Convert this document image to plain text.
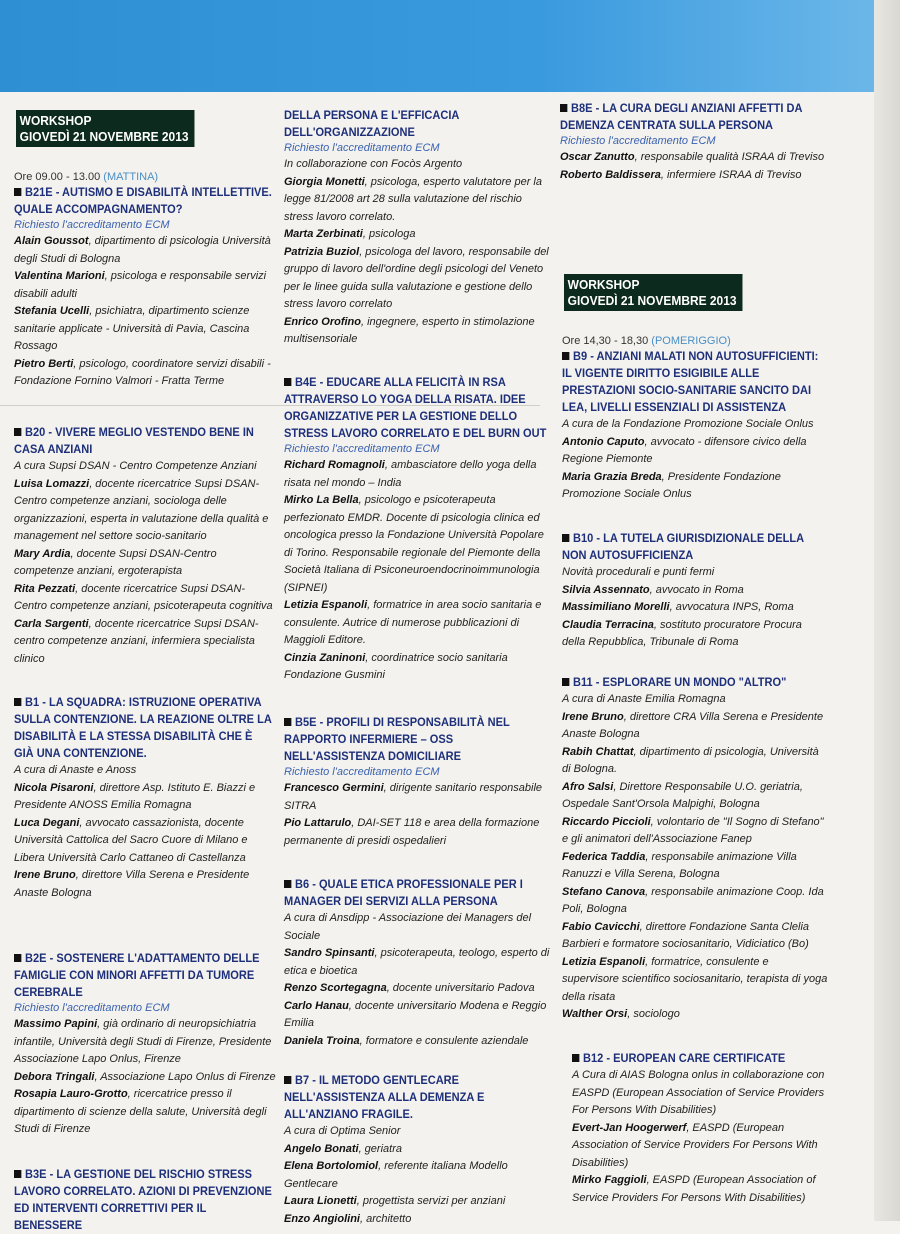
WORKSHOP
GIOVEDÌ 21 NOVEMBRE 2013
Ore 09.00 - 13.00 (MATTINA)
B21E - AUTISMO E DISABILITÀ INTELLETTIVE. QUALE ACCOMPAGNAMENTO?
Richiesto l'accreditamento ECM
Alain Goussot, dipartimento di psicologia Università degli Studi di Bologna
Valentina Marioni, psicologa e responsabile servizi disabili adulti
Stefania Ucelli, psichiatra, dipartimento scienze sanitarie applicate - Università di Pavia, Cascina Rossago
Pietro Berti, psicologo, coordinatore servizi disabili - Fondazione Fornino Valmori - Fratta Terme
B20 - VIVERE MEGLIO VESTENDO BENE IN CASA ANZIANI
A cura Supsi DSAN - Centro Competenze Anziani
Luisa Lomazzi, docente ricercatrice Supsi DSAN-Centro competenze anziani, sociologa delle organizzazioni, esperta in valutazione della qualità e management nel settore socio-sanitario
Mary Ardia, docente Supsi DSAN-Centro competenze anziani, ergoterapista
Rita Pezzati, docente ricercatrice Supsi DSAN-Centro competenze anziani, psicoterapeuta cognitiva
Carla Sargenti, docente ricercatrice Supsi DSAN-centro competenze anziani, infermiera specialista clinico
B1 - LA SQUADRA: ISTRUZIONE OPERATIVA SULLA CONTENZIONE. LA REAZIONE OLTRE LA DISABILITÀ E LA STESSA DISABILITÀ CHE È GIÀ UNA CONTENZIONE.
A cura di Anaste e Anoss
Nicola Pisaroni, direttore Asp. Istituto E. Biazzi e Presidente ANOSS Emilia Romagna
Luca Degani, avvocato cassazionista, docente Università Cattolica del Sacro Cuore di Milano e Libera Università Carlo Cattaneo di Castellanza
Irene Bruno, direttore Villa Serena e Presidente Anaste Bologna
B2E - SOSTENERE L'ADATTAMENTO DELLE FAMIGLIE CON MINORI AFFETTI DA TUMORE CEREBRALE
Richiesto l'accreditamento ECM
Massimo Papini, già ordinario di neuropsichiatria infantile, Università degli Studi di Firenze, Presidente Associazione Lapo Onlus, Firenze
Debora Tringali, Associazione Lapo Onlus di Firenze
Rosapia Lauro-Grotto, ricercatrice presso il dipartimento di scienze della salute, Università degli Studi di Firenze
B3E - LA GESTIONE DEL RISCHIO STRESS LAVORO CORRELATO. AZIONI DI PREVENZIONE ED INTERVENTI CORRETTIVI PER IL BENESSERE
DELLA PERSONA E L'EFFICACIA DELL'ORGANIZZAZIONE
Richiesto l'accreditamento ECM
In collaborazione con Focòs Argento
Giorgia Monetti, psicologa, esperto valutatore per la legge 81/2008 art 28 sulla valutazione del rischio stress lavoro correlato.
Marta Zerbinati, psicologa
Patrizia Buziol, psicologa del lavoro, responsabile del gruppo di lavoro dell'ordine degli psicologi del Veneto per le linee guida sulla valutazione e gestione dello stress lavoro correlato
Enrico Orofino, ingegnere, esperto in stimolazione multisensoriale
B4E - EDUCARE ALLA FELICITÀ IN RSA ATTRAVERSO LO YOGA DELLA RISATA. IDEE ORGANIZZATIVE PER LA GESTIONE DELLO STRESS LAVORO CORRELATO E DEL BURN OUT
Richiesto l'accreditamento ECM
Richard Romagnoli, ambasciatore dello yoga della risata nel mondo – India
Mirko La Bella, psicologo e psicoterapeuta perfezionato EMDR. Docente di psicologia clinica ed oncologica presso la Fondazione Università Popolare di Torino. Responsabile regionale del Piemonte della Società Italiana di Psiconeuroendocrinoimmunologia (SIPNEI)
Letizia Espanoli, formatrice in area socio sanitaria e consulente. Autrice di numerose pubblicazioni di Maggioli Editore.
Cinzia Zaninoni, coordinatrice socio sanitaria Fondazione Gusmini
B5E - PROFILI DI RESPONSABILITÀ NEL RAPPORTO INFERMIERE – OSS NELL'ASSISTENZA DOMICILIARE
Richiesto l'accreditamento ECM
Francesco Germini, dirigente sanitario responsabile SITRA
Pio Lattarulo, DAI-SET 118 e area della formazione permanente di presidi ospedalieri
B6 - QUALE ETICA PROFESSIONALE PER I MANAGER DEI SERVIZI ALLA PERSONA
A cura di Ansdipp - Associazione dei Managers del Sociale
Sandro Spinsanti, psicoterapeuta, teologo, esperto di etica e bioetica
Renzo Scortegagna, docente universitario Padova
Carlo Hanau, docente universitario Modena e Reggio Emilia
Daniela Troina, formatore e consulente aziendale
B7 - IL METODO GENTLECARE NELL'ASSISTENZA ALLA DEMENZA E ALL'ANZIANO FRAGILE.
A cura di Optima Senior
Angelo Bonati, geriatra
Elena Bortolomiol, referente italiana Modello Gentlecare
Laura Lionetti, progettista servizi per anziani
Enzo Angiolini, architetto
B8E - LA CURA DEGLI ANZIANI AFFETTI DA DEMENZA CENTRATA SULLA PERSONA
Richiesto l'accreditamento ECM
Oscar Zanutto, responsabile qualità ISRAA di Treviso
Roberto Baldissera, infermiere ISRAA di Treviso
WORKSHOP
GIOVEDÌ 21 NOVEMBRE 2013
Ore 14,30 - 18,30 (POMERIGGIO)
B9 - ANZIANI MALATI NON AUTOSUFFICIENTI: IL VIGENTE DIRITTO ESIGIBILE ALLE PRESTAZIONI SOCIO-SANITARIE SANCITO DAI LEA, LIVELLI ESSENZIALI DI ASSISTENZA
A cura de la Fondazione Promozione Sociale Onlus
Antonio Caputo, avvocato - difensore civico della Regione Piemonte
Maria Grazia Breda, Presidente Fondazione Promozione Sociale Onlus
B10 - LA TUTELA GIURISDIZIONALE DELLA NON AUTOSUFFICIENZA
Novità procedurali e punti fermi
Silvia Assennato, avvocato in Roma
Massimiliano Morelli, avvocatura INPS, Roma
Claudia Terracina, sostituto procuratore Procura della Repubblica, Tribunale di Roma
B11 - ESPLORARE UN MONDO "ALTRO"
A cura di Anaste Emilia Romagna
Irene Bruno, direttore CRA Villa Serena e Presidente Anaste Bologna
Rabih Chattat, dipartimento di psicologia, Università di Bologna.
Afro Salsi, Direttore Responsabile U.O. geriatria, Ospedale Sant'Orsola Malpighi, Bologna
Riccardo Piccioli, volontario de "Il Sogno di Stefano" e gli animatori dell'Associazione Fanep
Federica Taddia, responsabile animazione Villa Ranuzzi e Villa Serena, Bologna
Stefano Canova, responsabile animazione Coop. Ida Poli, Bologna
Fabio Cavicchi, direttore Fondazione Santa Clelia Barbieri e formatore sociosanitario, Vidiciatico (Bo)
Letizia Espanoli, formatrice, consulente e supervisore scientifico sociosanitario, terapista di yoga della risata
Walther Orsi, sociologo
B12 - EUROPEAN CARE CERTIFICATE
A Cura di AIAS Bologna onlus in collaborazione con EASPD (European Association of Service Providers For Persons With Disabilities)
Evert-Jan Hoogerwerf, EASPD (European Association of Service Providers For Persons With Disabilities)
Mirko Faggioli, EASPD (European Association of Service Providers For Persons With Disabilities)
